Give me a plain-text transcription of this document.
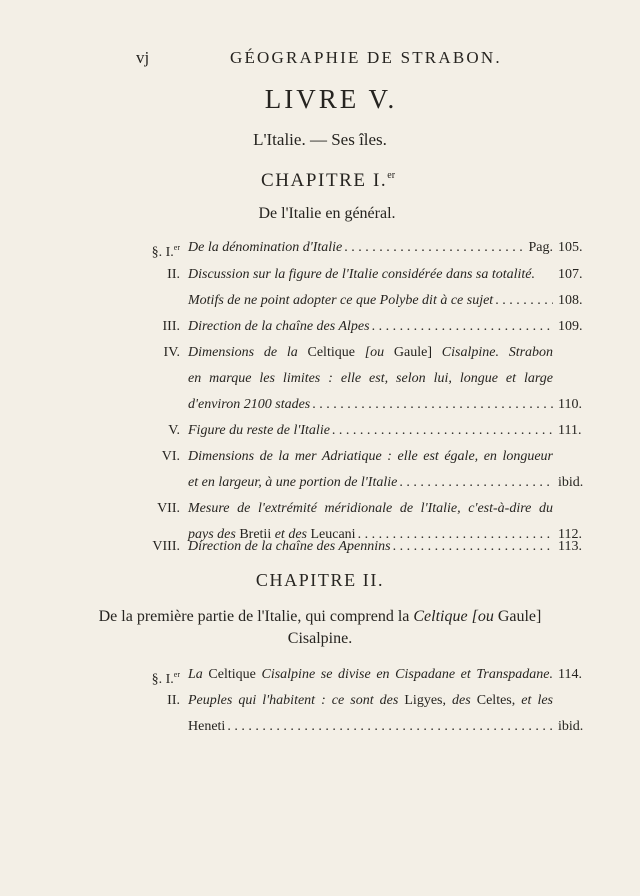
vj	GÉOGRAPHIE DE STRABON.
LIVRE V.
L'Italie. — Ses îles.
CHAPITRE I.$^{er}$
De l'Italie en général.
§. I.$^{er}$ De la dénomination d'Italie . . .	Pag. 105.
II. Discussion sur la figure de l'Italie considérée dans sa totalité. 107.
Motifs de ne point adopter ce que Polybe dit à ce sujet . . .	108.
III. Direction de la chaîne des Alpes . . .	109.
IV. Dimensions de la Celtique [ou Gaule] Cisalpine. Strabon
en marque les limites : elle est, selon lui, longue et large
d'environ 2100 stades . . .	110.
V. Figure du reste de l'Italie . . .	111.
VI. Dimensions de la mer Adriatique : elle est égale, en longueur
et en largeur, à une portion de l'Italie . . .	ibid.
VII. Mesure de l'extrémité méridionale de l'Italie, c'est-à-dire du
pays des
Bretii
et des
Leucani . . .	112.
VIII. Direction de la chaîne des Apennins . . .	113.
CHAPITRE II.
De la première partie de l'Italie, qui comprend la Celtique [ou Gaule]
Cisalpine.
§. I.$^{er}$ La Celtique Cisalpine se divise en Cispadane et Transpadane. 114.
II. Peuples qui l'habitent : ce sont des Ligyes, des Celtes, et les
Heneti . . .	ibid.
